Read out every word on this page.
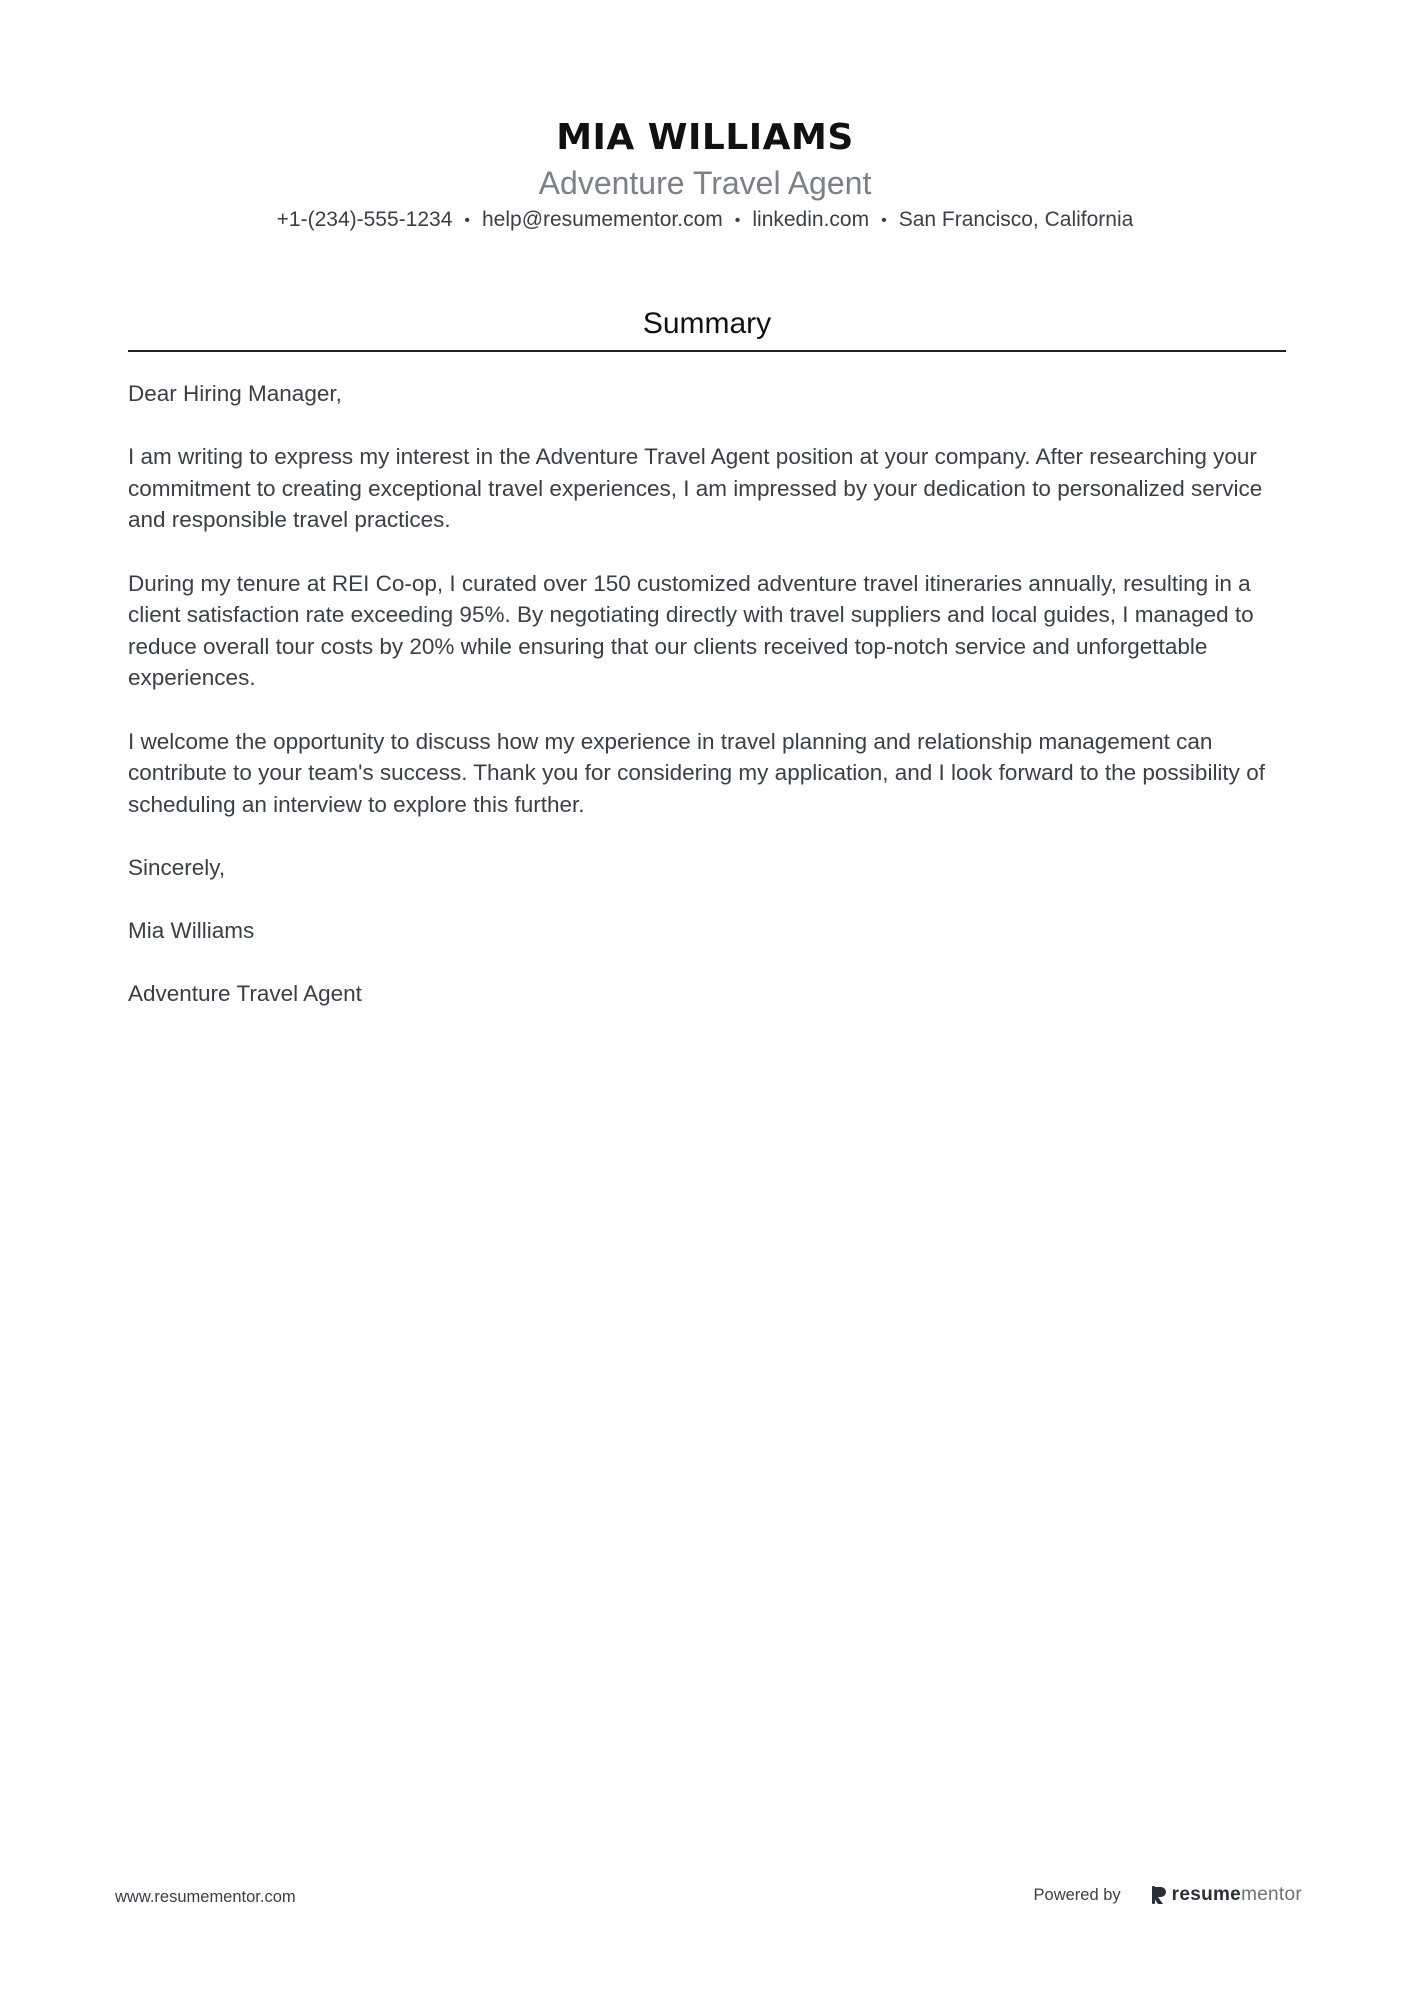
MIA WILLIAMS
Adventure Travel Agent
+1-(234)-555-1234 • help@resumementor.com • linkedin.com • San Francisco, California
Summary

Dear Hiring Manager,

I am writing to express my interest in the Adventure Travel Agent position at your company. After researching your commitment to creating exceptional travel experiences, I am impressed by your dedication to personalized service and responsible travel practices.

During my tenure at REI Co-op, I curated over 150 customized adventure travel itineraries annually, resulting in a client satisfaction rate exceeding 95%. By negotiating directly with travel suppliers and local guides, I managed to reduce overall tour costs by 20% while ensuring that our clients received top-notch service and unforgettable experiences.

I welcome the opportunity to discuss how my experience in travel planning and relationship management can contribute to your team's success. Thank you for considering my application, and I look forward to the possibility of scheduling an interview to explore this further.

Sincerely,

Mia Williams

Adventure Travel Agent

www.resumementor.com	Powered by	resume mentor
